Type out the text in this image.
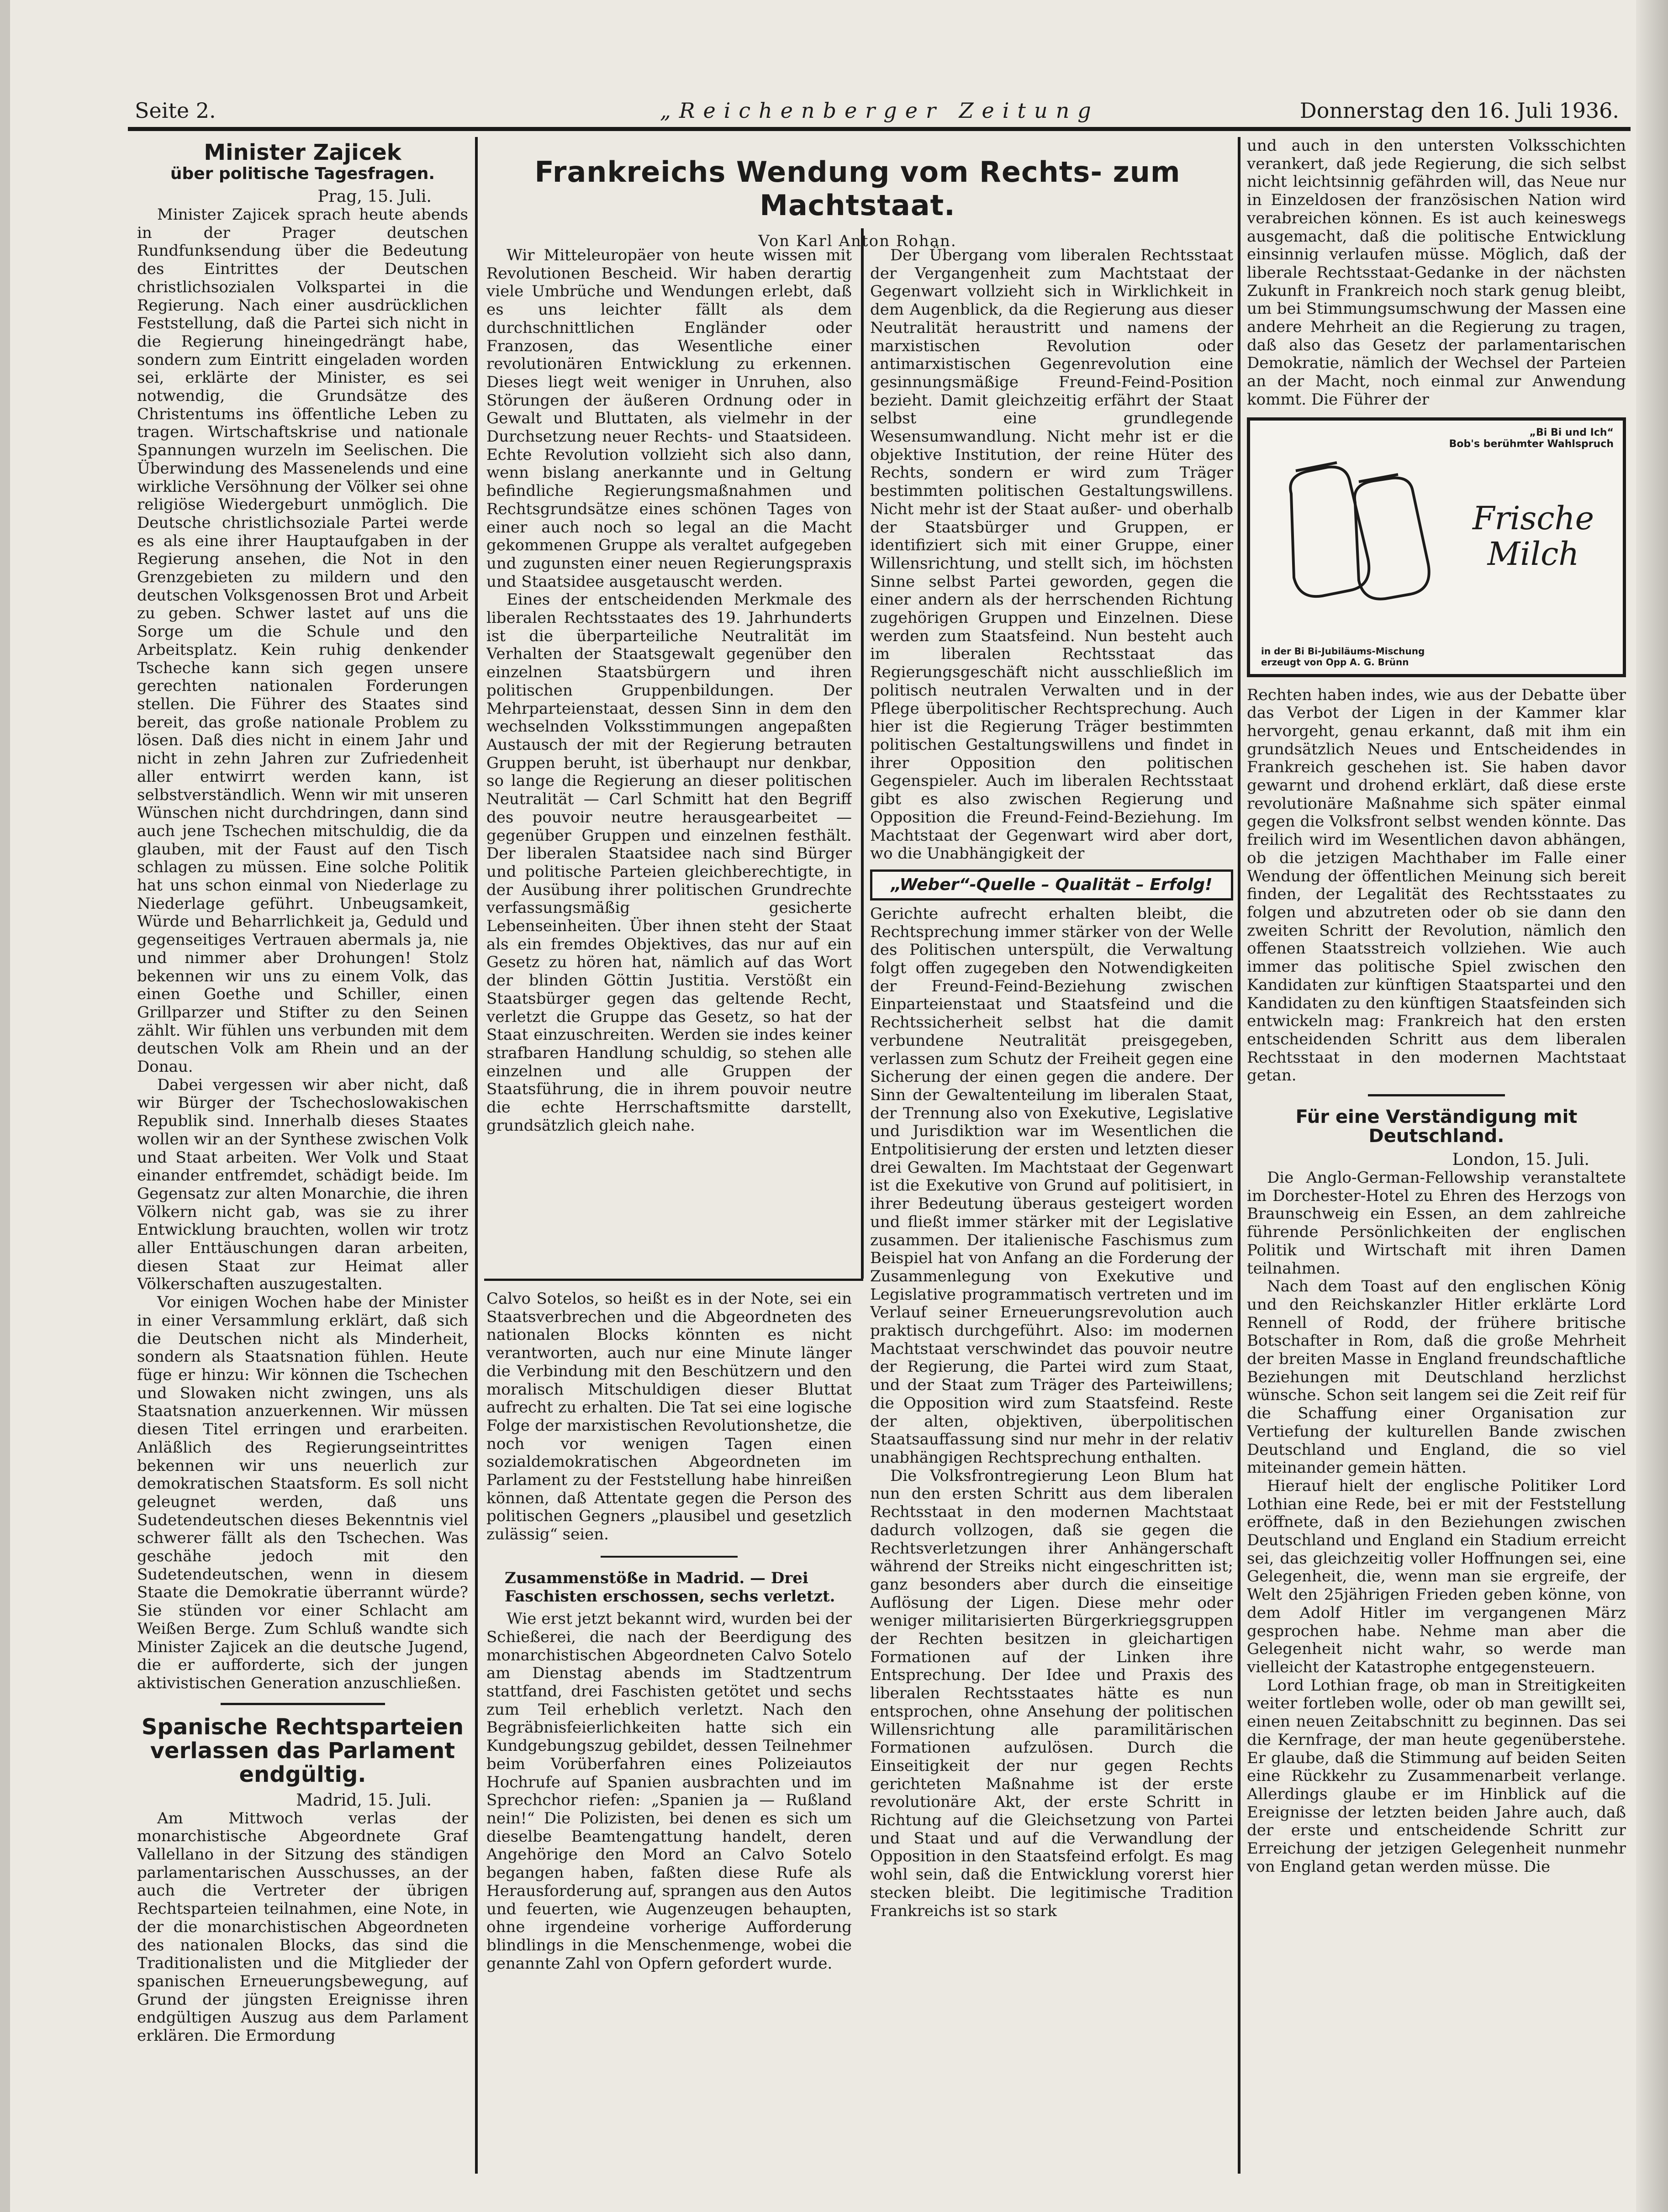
Seite 2.	„Reichenberger Zeitung	Donnerstag den 16. Juli 1936.

Minister Zajicek

über politische Tagesfragen.

Prag, 15. Juli.

Minister Zajicek sprach heute abends in der Prager deutschen Rundfunksendung über die Bedeutung des Eintrittes der Deutschen christlichsozialen Volkspartei in die Regierung. Nach einer ausdrücklichen Feststellung, daß die Partei sich nicht in die Regierung hineingedrängt habe, sondern zum Eintritt eingeladen worden sei, erklärte der Minister, es sei notwendig, die Grundsätze des Christentums ins öffentliche Leben zu tragen. Wirtschaftskrise und nationale Spannungen wurzeln im Seelischen. Die Überwindung des Massenelends und eine wirkliche Versöhnung der Völker sei ohne religiöse Wiedergeburt unmöglich. Die Deutsche christlichsoziale Partei werde es als eine ihrer Hauptaufgaben in der Regierung ansehen, die Not in den Grenzgebieten zu mildern und den deutschen Volksgenossen Brot und Arbeit zu geben. Schwer lastet auf uns die Sorge um die Schule und den Arbeitsplatz. Kein ruhig denkender Tscheche kann sich gegen unsere gerechten nationalen Forderungen stellen. Die Führer des Staates sind bereit, das große nationale Problem zu lösen. Daß dies nicht in einem Jahr und nicht in zehn Jahren zur Zufriedenheit aller entwirrt werden kann, ist selbstverständlich. Wenn wir mit unseren Wünschen nicht durchdringen, dann sind auch jene Tschechen mitschuldig, die da glauben, mit der Faust auf den Tisch schlagen zu müssen. Eine solche Politik hat uns schon einmal von Niederlage zu Niederlage geführt. Unbeugsamkeit, Würde und Beharrlichkeit ja, Geduld und gegenseitiges Vertrauen abermals ja, nie und nimmer aber Drohungen! Stolz bekennen wir uns zu einem Volk, das einen Goethe und Schiller, einen Grillparzer und Stifter zu den Seinen zählt. Wir fühlen uns verbunden mit dem deutschen Volk am Rhein und an der Donau.

Dabei vergessen wir aber nicht, daß wir Bürger der Tschechoslowakischen Republik sind. Innerhalb dieses Staates wollen wir an der Synthese zwischen Volk und Staat arbeiten. Wer Volk und Staat einander entfremdet, schädigt beide. Im Gegensatz zur alten Monarchie, die ihren Völkern nicht gab, was sie zu ihrer Entwicklung brauchten, wollen wir trotz aller Enttäuschungen daran arbeiten, diesen Staat zur Heimat aller Völkerschaften auszugestalten.

Vor einigen Wochen habe der Minister in einer Versammlung erklärt, daß sich die Deutschen nicht als Minderheit, sondern als Staatsnation fühlen. Heute füge er hinzu: Wir können die Tschechen und Slowaken nicht zwingen, uns als Staatsnation anzuerkennen. Wir müssen diesen Titel erringen und erarbeiten. Anläßlich des Regierungseintrittes bekennen wir uns neuerlich zur demokratischen Staatsform. Es soll nicht geleugnet werden, daß uns Sudetendeutschen dieses Bekenntnis viel schwerer fällt als den Tschechen. Was geschähe jedoch mit den Sudetendeutschen, wenn in diesem Staate die Demokratie überrannt würde? Sie stünden vor einer Schlacht am Weißen Berge. Zum Schluß wandte sich Minister Zajicek an die deutsche Jugend, die er aufforderte, sich der jungen aktivistischen Generation anzuschließen.

Spanische Rechtsparteien verlassen das Parlament endgültig.

Madrid, 15. Juli.

Am Mittwoch verlas der monarchistische Abgeordnete Graf Vallellano in der Sitzung des ständigen parlamentarischen Ausschusses, an der auch die Vertreter der übrigen Rechtsparteien teilnahmen, eine Note, in der die monarchistischen Abgeordneten des nationalen Blocks, das sind die Traditionalisten und die Mitglieder der spanischen Erneuerungsbewegung, auf Grund der jüngsten Ereignisse ihren endgültigen Auszug aus dem Parlament erklären. Die Ermordung

Frankreichs Wendung vom Rechts- zum Machtstaat.

Von Karl Anton Rohan.

Wir Mitteleuropäer von heute wissen mit Revolutionen Bescheid. Wir haben derartig viele Umbrüche und Wendungen erlebt, daß es uns leichter fällt als dem durchschnittlichen Engländer oder Franzosen, das Wesentliche einer revolutionären Entwicklung zu erkennen. Dieses liegt weit weniger in Unruhen, also Störungen der äußeren Ordnung oder in Gewalt und Bluttaten, als vielmehr in der Durchsetzung neuer Rechts- und Staatsideen. Echte Revolution vollzieht sich also dann, wenn bislang anerkannte und in Geltung befindliche Regierungsmaßnahmen und Rechtsgrundsätze eines schönen Tages von einer auch noch so legal an die Macht gekommenen Gruppe als veraltet aufgegeben und zugunsten einer neuen Regierungspraxis und Staatsidee ausgetauscht werden.

Eines der entscheidenden Merkmale des liberalen Rechtsstaates des 19. Jahrhunderts ist die überparteiliche Neutralität im Verhalten der Staatsgewalt gegenüber den einzelnen Staatsbürgern und ihren politischen Gruppenbildungen. Der Mehrparteienstaat, dessen Sinn in dem den wechselnden Volksstimmungen angepaßten Austausch der mit der Regierung betrauten Gruppen beruht, ist überhaupt nur denkbar, so lange die Regierung an dieser politischen Neutralität — Carl Schmitt hat den Begriff des pouvoir neutre herausgearbeitet — gegenüber Gruppen und einzelnen festhält. Der liberalen Staatsidee nach sind Bürger und politische Parteien gleichberechtigte, in der Ausübung ihrer politischen Grundrechte verfassungsmäßig gesicherte Lebenseinheiten. Über ihnen steht der Staat als ein fremdes Objektives, das nur auf ein Gesetz zu hören hat, nämlich auf das Wort der blinden Göttin Justitia. Verstößt ein Staatsbürger gegen das geltende Recht, verletzt die Gruppe das Gesetz, so hat der Staat einzuschreiten. Werden sie indes keiner strafbaren Handlung schuldig, so stehen alle einzelnen und alle Gruppen der Staatsführung, die in ihrem pouvoir neutre die echte Herrschaftsmitte darstellt, grundsätzlich gleich nahe.

Der Übergang vom liberalen Rechtsstaat der Vergangenheit zum Machtstaat der Gegenwart vollzieht sich in Wirklichkeit in dem Augenblick, da die Regierung aus dieser Neutralität heraustritt und namens der marxistischen Revolution oder antimarxistischen Gegenrevolution eine gesinnungsmäßige Freund-Feind-Position bezieht. Damit gleichzeitig erfährt der Staat selbst eine grundlegende Wesensumwandlung. Nicht mehr ist er die objektive Institution, der reine Hüter des Rechts, sondern er wird zum Träger bestimmten politischen Gestaltungswillens. Nicht mehr ist der Staat außer- und oberhalb der Staatsbürger und Gruppen, er identifiziert sich mit einer Gruppe, einer Willensrichtung, und stellt sich, im höchsten Sinne selbst Partei geworden, gegen die einer andern als der herrschenden Richtung zugehörigen Gruppen und Einzelnen. Diese werden zum Staatsfeind. Nun besteht auch im liberalen Rechtsstaat das Regierungsgeschäft nicht ausschließlich im politisch neutralen Verwalten und in der Pflege überpolitischer Rechtsprechung. Auch hier ist die Regierung Träger bestimmten politischen Gestaltungswillens und findet in ihrer Opposition den politischen Gegenspieler. Auch im liberalen Rechtsstaat gibt es also zwischen Regierung und Opposition die Freund-Feind-Beziehung. Im Machtstaat der Gegenwart wird aber dort, wo die Unabhängigkeit der

„Weber“-Quelle – Qualität – Erfolg!

Gerichte aufrecht erhalten bleibt, die Rechtsprechung immer stärker von der Welle des Politischen unterspült, die Verwaltung folgt offen zugegeben den Notwendigkeiten der Freund-Feind-Beziehung zwischen Einparteienstaat und Staatsfeind und die Rechtssicherheit selbst hat die damit verbundene Neutralität preisgegeben, verlassen zum Schutz der Freiheit gegen eine Sicherung der einen gegen die andere. Der Sinn der Gewaltenteilung im liberalen Staat, der Trennung also von Exekutive, Legislative und Jurisdiktion war im Wesentlichen die Entpolitisierung der ersten und letzten dieser drei Gewalten. Im Machtstaat der Gegenwart ist die Exekutive von Grund auf politisiert, in ihrer Bedeutung überaus gesteigert worden und fließt immer stärker mit der Legislative zusammen. Der italienische Faschismus zum Beispiel hat von Anfang an die Forderung der Zusammenlegung von Exekutive und Legislative programmatisch vertreten und im Verlauf seiner Erneuerungsrevolution auch praktisch durchgeführt. Also: im modernen Machtstaat verschwindet das pouvoir neutre der Regierung, die Partei wird zum Staat, und der Staat zum Träger des Parteiwillens; die Opposition wird zum Staatsfeind. Reste der alten, objektiven, überpolitischen Staatsauffassung sind nur mehr in der relativ unabhängigen Rechtsprechung enthalten.

Die Volksfrontregierung Leon Blum hat nun den ersten Schritt aus dem liberalen Rechtsstaat in den modernen Machtstaat dadurch vollzogen, daß sie gegen die Rechtsverletzungen ihrer Anhängerschaft während der Streiks nicht eingeschritten ist; ganz besonders aber durch die einseitige Auflösung der Ligen. Diese mehr oder weniger militarisierten Bürgerkriegsgruppen der Rechten besitzen in gleichartigen Formationen auf der Linken ihre Entsprechung. Der Idee und Praxis des liberalen Rechtsstaates hätte es nun entsprochen, ohne Ansehung der politischen Willensrichtung alle paramilitärischen Formationen aufzulösen. Durch die Einseitigkeit der nur gegen Rechts gerichteten Maßnahme ist der erste revolutionäre Akt, der erste Schritt in Richtung auf die Gleichsetzung von Partei und Staat und auf die Verwandlung der Opposition in den Staatsfeind erfolgt. Es mag wohl sein, daß die Entwicklung vorerst hier stecken bleibt. Die legitimische Tradition Frankreichs ist so stark

Calvo Sotelos, so heißt es in der Note, sei ein Staatsverbrechen und die Abgeordneten des nationalen Blocks könnten es nicht verantworten, auch nur eine Minute länger die Verbindung mit den Beschützern und den moralisch Mitschuldigen dieser Bluttat aufrecht zu erhalten. Die Tat sei eine logische Folge der marxistischen Revolutionshetze, die noch vor wenigen Tagen einen sozialdemokratischen Abgeordneten im Parlament zu der Feststellung habe hinreißen können, daß Attentate gegen die Person des politischen Gegners „plausibel und gesetzlich zulässig“ seien.

Zusammenstöße in Madrid. — Drei Faschisten erschossen, sechs verletzt.

Wie erst jetzt bekannt wird, wurden bei der Schießerei, die nach der Beerdigung des monarchistischen Abgeordneten Calvo Sotelo am Dienstag abends im Stadtzentrum stattfand, drei Faschisten getötet und sechs zum Teil erheblich verletzt. Nach den Begräbnisfeierlichkeiten hatte sich ein Kundgebungszug gebildet, dessen Teilnehmer beim Vorüberfahren eines Polizeiautos Hochrufe auf Spanien ausbrachten und im Sprechchor riefen: „Spanien ja — Rußland nein!“ Die Polizisten, bei denen es sich um dieselbe Beamtengattung handelt, deren Angehörige den Mord an Calvo Sotelo begangen haben, faßten diese Rufe als Herausforderung auf, sprangen aus den Autos und feuerten, wie Augenzeugen behaupten, ohne irgendeine vorherige Aufforderung blindlings in die Menschenmenge, wobei die genannte Zahl von Opfern gefordert wurde.

und auch in den untersten Volksschichten verankert, daß jede Regierung, die sich selbst nicht leichtsinnig gefährden will, das Neue nur in Einzeldosen der französischen Nation wird verabreichen können. Es ist auch keineswegs ausgemacht, daß die politische Entwicklung einsinnig verlaufen müsse. Möglich, daß der liberale Rechtsstaat-Gedanke in der nächsten Zukunft in Frankreich noch stark genug bleibt, um bei Stimmungsumschwung der Massen eine andere Mehrheit an die Regierung zu tragen, daß also das Gesetz der parlamentarischen Demokratie, nämlich der Wechsel der Parteien an der Macht, noch einmal zur Anwendung kommt. Die Führer der

„Bi Bi und Ich“
Bob's berühmter Wahlspruch
Frische Milch
in der Bi Bi-Jubiläums-Mischung
erzeugt von Opp A. G. Brünn

Rechten haben indes, wie aus der Debatte über das Verbot der Ligen in der Kammer klar hervorgeht, genau erkannt, daß mit ihm ein grundsätzlich Neues und Entscheidendes in Frankreich geschehen ist. Sie haben davor gewarnt und drohend erklärt, daß diese erste revolutionäre Maßnahme sich später einmal gegen die Volksfront selbst wenden könnte. Das freilich wird im Wesentlichen davon abhängen, ob die jetzigen Machthaber im Falle einer Wendung der öffentlichen Meinung sich bereit finden, der Legalität des Rechtsstaates zu folgen und abzutreten oder ob sie dann den zweiten Schritt der Revolution, nämlich den offenen Staatsstreich vollziehen. Wie auch immer das politische Spiel zwischen den Kandidaten zur künftigen Staatspartei und den Kandidaten zu den künftigen Staatsfeinden sich entwickeln mag: Frankreich hat den ersten entscheidenden Schritt aus dem liberalen Rechtsstaat in den modernen Machtstaat getan.

Für eine Verständigung mit Deutschland.

London, 15. Juli.

Die Anglo-German-Fellowship veranstaltete im Dorchester-Hotel zu Ehren des Herzogs von Braunschweig ein Essen, an dem zahlreiche führende Persönlichkeiten der englischen Politik und Wirtschaft mit ihren Damen teilnahmen.

Nach dem Toast auf den englischen König und den Reichskanzler Hitler erklärte Lord Rennell of Rodd, der frühere britische Botschafter in Rom, daß die große Mehrheit der breiten Masse in England freundschaftliche Beziehungen mit Deutschland herzlichst wünsche. Schon seit langem sei die Zeit reif für die Schaffung einer Organisation zur Vertiefung der kulturellen Bande zwischen Deutschland und England, die so viel miteinander gemein hätten.

Hierauf hielt der englische Politiker Lord Lothian eine Rede, bei er mit der Feststellung eröffnete, daß in den Beziehungen zwischen Deutschland und England ein Stadium erreicht sei, das gleichzeitig voller Hoffnungen sei, eine Gelegenheit, die, wenn man sie ergreife, der Welt den 25jährigen Frieden geben könne, von dem Adolf Hitler im vergangenen März gesprochen habe. Nehme man aber die Gelegenheit nicht wahr, so werde man vielleicht der Katastrophe entgegensteuern.

Lord Lothian frage, ob man in Streitigkeiten weiter fortleben wolle, oder ob man gewillt sei, einen neuen Zeitabschnitt zu beginnen. Das sei die Kernfrage, der man heute gegenüberstehe. Er glaube, daß die Stimmung auf beiden Seiten eine Rückkehr zu Zusammenarbeit verlange. Allerdings glaube er im Hinblick auf die Ereignisse der letzten beiden Jahre auch, daß der erste und entscheidende Schritt zur Erreichung der jetzigen Gelegenheit nunmehr von England getan werden müsse. Die
